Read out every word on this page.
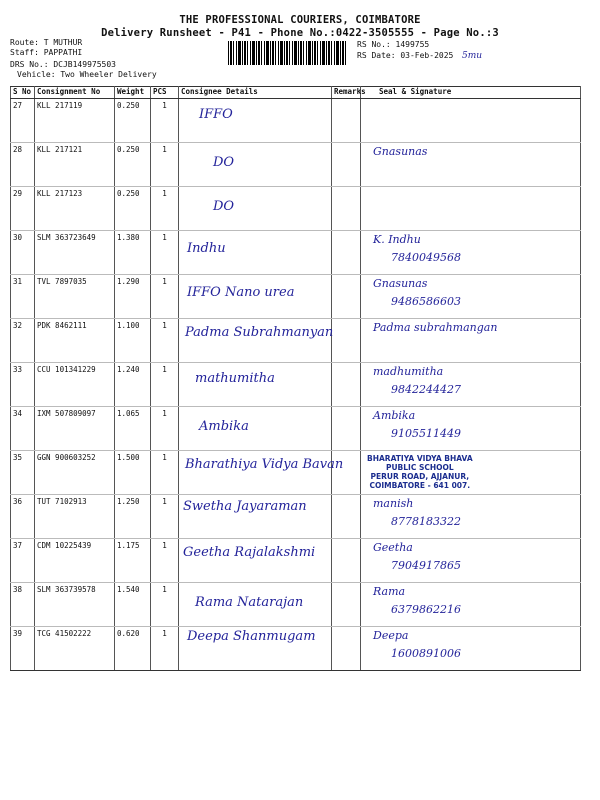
THE PROFESSIONAL COURIERS, COIMBATORE
Delivery Runsheet - P41 - Phone No.:0422-3505555 - Page No.:3
Route: T MUTHUR
Staff: PAPPATHI
DRS No.: DCJB149975503
Vehicle: Two Wheeler Delivery
RS No.: 1499755
RS Date: 03-Feb-2025 5mu
S No	Consignment No	Weight	PCS	Consignee Details	Remarks	Seal & Signature
27	KLL 217119	0.250	1	IFFO		

28	KLL 217121	0.250	1	DO		Gnasunas

29	KLL 217123	0.250	1	DO		

30	SLM 363723649	1.380	1	Indhu		K. Indhu
7840049568

31	TVL 7897035	1.290	1	IFFO Nano urea		Gnasunas
9486586603

32	PDK 8462111	1.100	1	Padma Subrahmanyan		Padma subrahmangan

33	CCU 101341229	1.240	1	mathumitha		madhumitha
9842244427

34	IXM 507809097	1.065	1	Ambika		Ambika
9105511449

35	GGN 900603252	1.500	1	Bharathiya Vidya Bavan		BHARATIYA VIDYA BHAVA
PUBLIC SCHOOL
PERUR ROAD, AJJANUR,
COIMBATORE - 641 007.

36	TUT 7102913	1.250	1	Swetha Jayaraman		manish
8778183322

37	CDM 10225439	1.175	1	Geetha Rajalakshmi		Geetha
7904917865

38	SLM 363739578	1.540	1	Rama Natarajan		Rama
6379862216

39	TCG 41502222	0.620	1	Deepa Shanmugam		Deepa
1600891006
